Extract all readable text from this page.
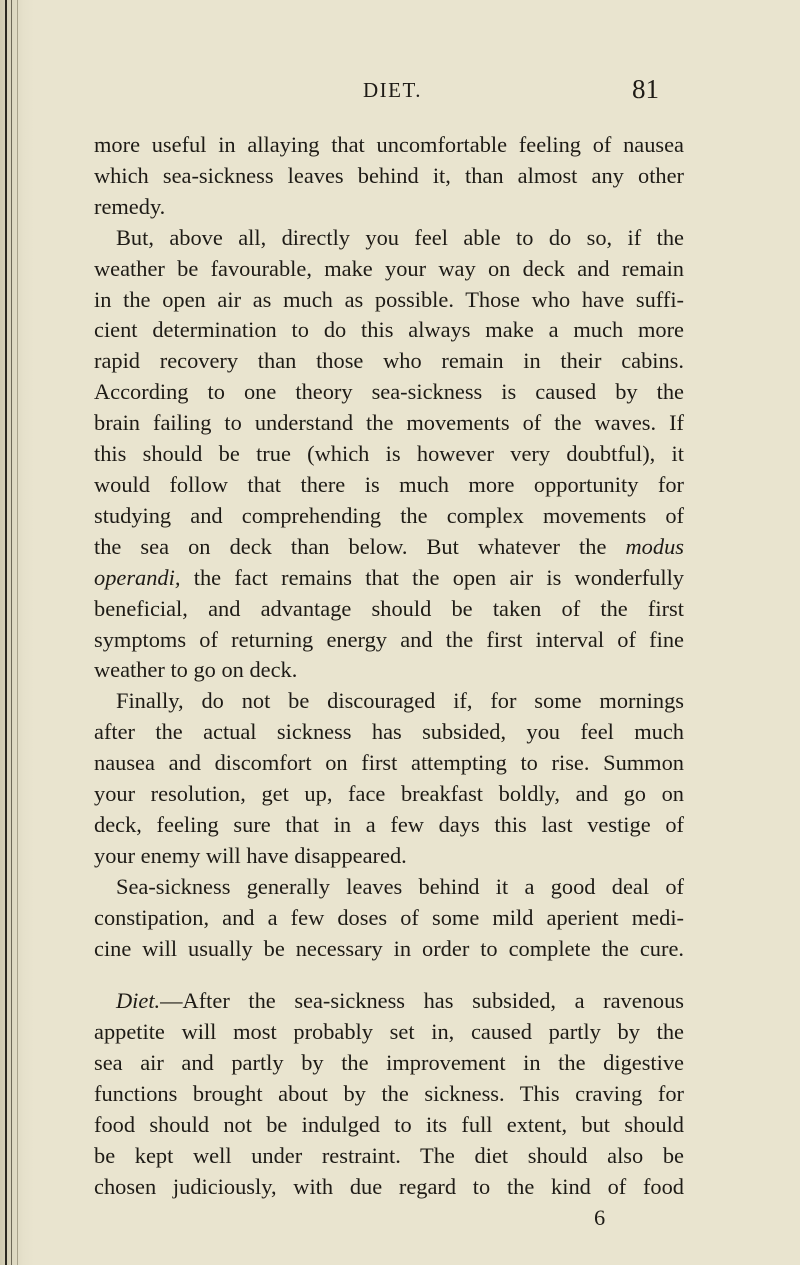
DIET.	81
more useful in allaying that uncomfortable feeling of nausea
which sea-sickness leaves behind it, than almost any other
remedy.
But, above all, directly you feel able to do so, if the
weather be favourable, make your way on deck and remain
in the open air as much as possible. Those who have suffi-
cient determination to do this always make a much more
rapid recovery than those who remain in their cabins.
According to one theory sea-sickness is caused by the
brain failing to understand the movements of the waves. If
this should be true (which is however very doubtful), it
would follow that there is much more opportunity for
studying and comprehending the complex movements of
the sea on deck than below. But whatever the modus
operandi, the fact remains that the open air is wonderfully
beneficial, and advantage should be taken of the first
symptoms of returning energy and the first interval of fine
weather to go on deck.
Finally, do not be discouraged if, for some mornings
after the actual sickness has subsided, you feel much
nausea and discomfort on first attempting to rise. Summon
your resolution, get up, face breakfast boldly, and go on
deck, feeling sure that in a few days this last vestige of
your enemy will have disappeared.
Sea-sickness generally leaves behind it a good deal of
constipation, and a few doses of some mild aperient medi-
cine will usually be necessary in order to complete the cure.
Diet.—After the sea-sickness has subsided, a ravenous
appetite will most probably set in, caused partly by the
sea air and partly by the improvement in the digestive
functions brought about by the sickness. This craving for
food should not be indulged to its full extent, but should
be kept well under restraint. The diet should also be
chosen judiciously, with due regard to the kind of food
6
